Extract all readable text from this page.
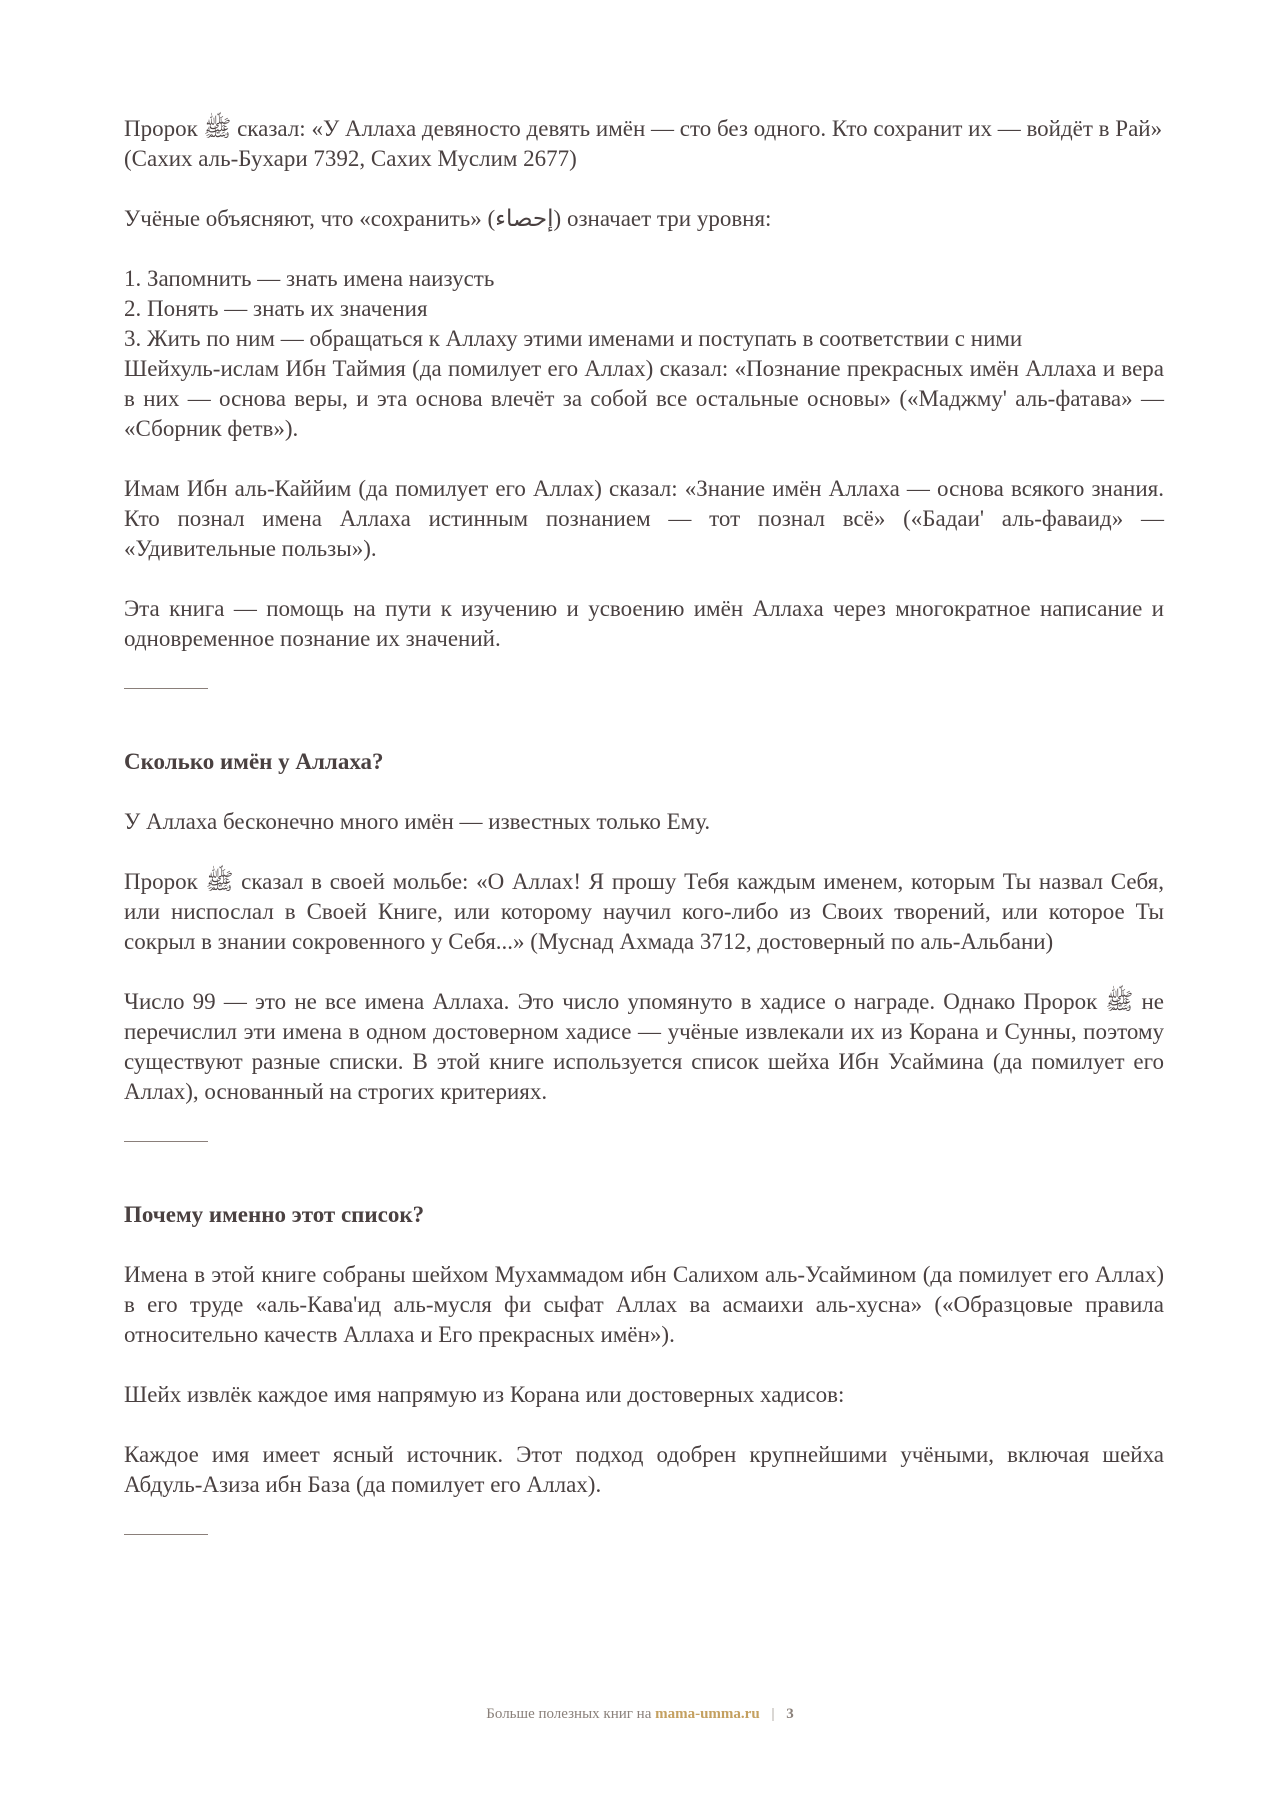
Пророк ﷺ сказал: «У Аллаха девяносто девять имён — сто без одного. Кто сохранит их — войдёт в Рай» (Сахих аль-Бухари 7392, Сахих Муслим 2677)

Учёные объясняют, что «сохранить» (إحصاء) означает три уровня:

1. Запомнить — знать имена наизусть

2. Понять — знать их значения

3. Жить по ним — обращаться к Аллаху этими именами и поступать в соответствии с ними

Шейхуль-ислам Ибн Таймия (да помилует его Аллах) сказал: «Познание прекрасных имён Аллаха и вера в них — основа веры, и эта основа влечёт за собой все остальные основы» («Маджму' аль-фатава» — «Сборник фетв»).

Имам Ибн аль-Каййим (да помилует его Аллах) сказал: «Знание имён Аллаха — основа всякого знания. Кто познал имена Аллаха истинным познанием — тот познал всё» («Бадаи' аль-фаваид» — «Удивительные пользы»).

Эта книга — помощь на пути к изучению и усвоению имён Аллаха через многократное написание и одновременное познание их значений.

Сколько имён у Аллаха?

У Аллаха бесконечно много имён — известных только Ему.

Пророк ﷺ сказал в своей мольбе: «О Аллах! Я прошу Тебя каждым именем, которым Ты назвал Себя, или ниспослал в Своей Книге, или которому научил кого-либо из Своих творений, или которое Ты сокрыл в знании сокровенного у Себя...» (Муснад Ахмада 3712, достоверный по аль-Альбани)

Число 99 — это не все имена Аллаха. Это число упомянуто в хадисе о награде. Однако Пророк ﷺ не перечислил эти имена в одном достоверном хадисе — учёные извлекали их из Корана и Сунны, поэтому существуют разные списки. В этой книге используется список шейха Ибн Усаймина (да помилует его Аллах), основанный на строгих критериях.

Почему именно этот список?

Имена в этой книге собраны шейхом Мухаммадом ибн Салихом аль-Усаймином (да помилует его Аллах) в его труде «аль-Кава'ид аль-мусля фи сыфат Аллах ва асмаихи аль-хусна» («Образцовые правила относительно качеств Аллаха и Его прекрасных имён»).

Шейх извлёк каждое имя напрямую из Корана или достоверных хадисов:

Каждое имя имеет ясный источник. Этот подход одобрен крупнейшими учёными, включая шейха Абдуль-Азиза ибн База (да помилует его Аллах).

Больше полезных книг на mama-umma.ru | 3
